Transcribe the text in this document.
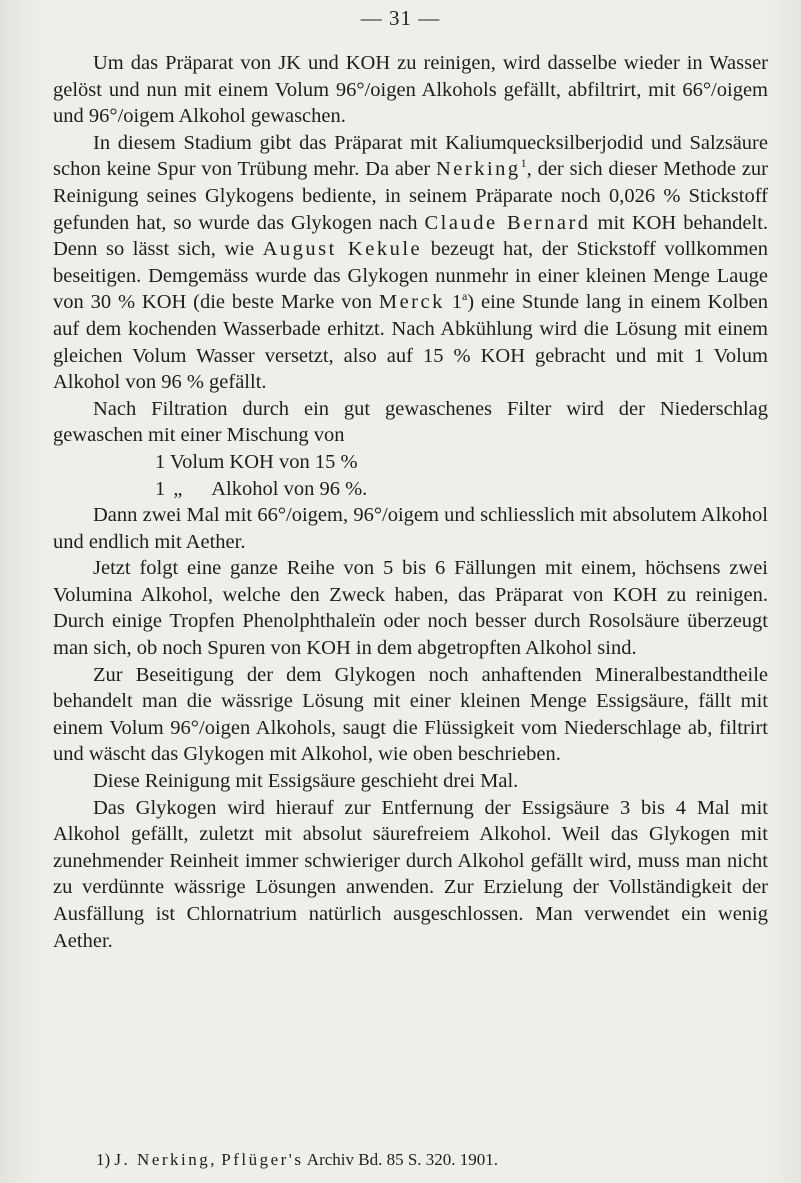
— 31 —

Um das Präparat von JK und KOH zu reinigen, wird dasselbe wieder in Wasser gelöst und nun mit einem Volum 96°/oigen Alkohols gefällt, abfiltrirt, mit 66°/oigem und 96°/oigem Alkohol gewaschen.

In diesem Stadium gibt das Präparat mit Kaliumquecksilberjodid und Salzsäure schon keine Spur von Trübung mehr. Da aber Nerking$^1$, der sich dieser Methode zur Reinigung seines Glykogens bediente, in seinem Präparate noch 0,026 % Stickstoff gefunden hat, so wurde das Glykogen nach Claude Bernard mit KOH behandelt. Denn so lässt sich, wie August Kekule bezeugt hat, der Stickstoff vollkommen beseitigen. Demgemäss wurde das Glykogen nunmehr in einer kleinen Menge Lauge von 30 % KOH (die beste Marke von Merck 1$^a$) eine Stunde lang in einem Kolben auf dem kochenden Wasserbade erhitzt. Nach Abkühlung wird die Lösung mit einem gleichen Volum Wasser versetzt, also auf 15 % KOH gebracht und mit 1 Volum Alkohol von 96 % gefällt.

Nach Filtration durch ein gut gewaschenes Filter wird der Niederschlag gewaschen mit einer Mischung von

1 Volum KOH von 15 %
1 „ Alkohol von 96 %.

Dann zwei Mal mit 66°/oigem, 96°/oigem und schliesslich mit absolutem Alkohol und endlich mit Aether.

Jetzt folgt eine ganze Reihe von 5 bis 6 Fällungen mit einem, höchsens zwei Volumina Alkohol, welche den Zweck haben, das Präparat von KOH zu reinigen. Durch einige Tropfen Phenolphthaleïn oder noch besser durch Rosolsäure überzeugt man sich, ob noch Spuren von KOH in dem abgetropften Alkohol sind.

Zur Beseitigung der dem Glykogen noch anhaftenden Mineralbestandtheile behandelt man die wässrige Lösung mit einer kleinen Menge Essigsäure, fällt mit einem Volum 96°/oigen Alkohols, saugt die Flüssigkeit vom Niederschlage ab, filtrirt und wäscht das Glykogen mit Alkohol, wie oben beschrieben.

Diese Reinigung mit Essigsäure geschieht drei Mal.

Das Glykogen wird hierauf zur Entfernung der Essigsäure 3 bis 4 Mal mit Alkohol gefällt, zuletzt mit absolut säurefreiem Alkohol. Weil das Glykogen mit zunehmender Reinheit immer schwieriger durch Alkohol gefällt wird, muss man nicht zu verdünnte wässrige Lösungen anwenden. Zur Erzielung der Vollständigkeit der Ausfällung ist Chlornatrium natürlich ausgeschlossen. Man verwendet ein wenig Aether.

1) J. Nerking, Pflüger's Archiv Bd. 85 S. 320. 1901.
